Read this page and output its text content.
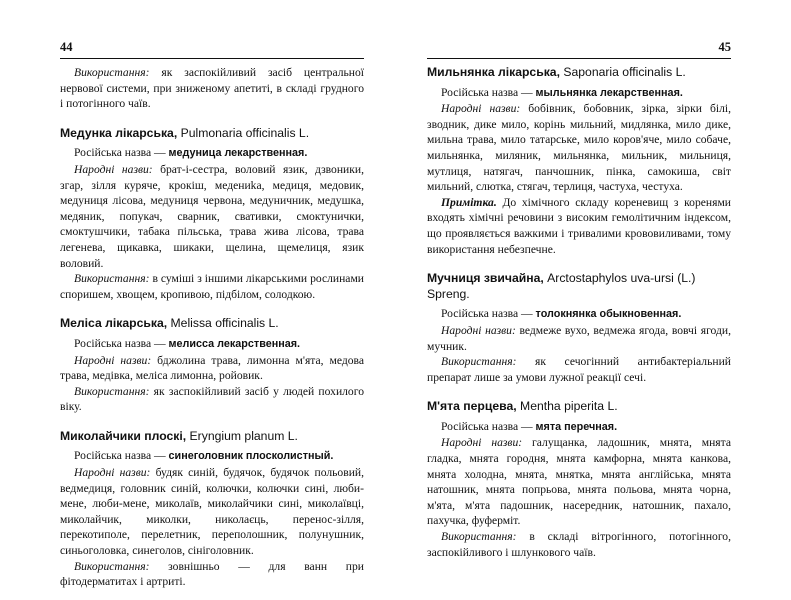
44

Використання: як заспокійливий засіб центральної нервової системи, при зниженому апетиті, в складі грудного і потогінного чаїв.

Медунка лікарська, Pulmonaria officinalis L.

Російська назва — медуница лекарственная.

Народні назви: брат-і-сестра, воловий язик, дзвоники, згар, зілля куряче, крокіш, медениka, медиця, медовик, медуниця лісова, медуниця червона, медуничник, медушка, медяник, попукач, сварник, свативки, смоктунички, смоктушчики, табака пільська, трава жива лісова, трава легенева, щикавка, шикаки, щелина, щемелиця, язик воловий.

Використання: в суміші з іншими лікарськими рослинами споришем, хвощем, кропивою, підбілом, солодкою.

Меліса лікарська, Melissa officinalis L.

Російська назва — мелисса лекарственная.

Народні назви: бджолина трава, лимонна м'ята, медова трава, медівка, меліса лимонна, ройовик.

Використання: як заспокійливий засіб у людей похилого віку.

Миколайчики плоскі, Eryngium planum L.

Російська назва — синеголовник плосколистный.

Народні назви: будяк синій, будячок, будячок польовий, ведмедиця, головник синій, колючки, колючки сині, люби-мене, люби-мене, миколаїв, миколайчики сині, миколаївці, миколайчик, миколки, николаєць, перенос-зілля, перекотиполе, перелетник, переполошник, полунушник, синьоголовка, синеголов, сініголовник.

Використання: зовнішньо — для ванн при фітодерматитах і артриті.

45

Мильнянка лікарська, Saponaria officinalis L.

Російська назва — мыльнянка лекарственная.

Народні назви: бобівник, бобовник, зірка, зірки білі, зводник, дике мило, корінь мильний, мидлянка, мило дике, мильна трава, мило татарське, мило коров'яче, мило собаче, мильнянка, миляник, мильнянка, мильник, мильниця, мутлиця, натягач, панчошник, пінка, самокиша, світ мильний, слютка, стягач, терлиця, частуха, честуха.

Примітка. До хімічного складу кореневищ з коренями входять хімічні речовини з високим гемолітичним індексом, що проявляється важкими і тривалими крововиливами, тому використання небезпечне.

Мучниця звичайна, Arctostaphylos uva-ursi (L.) Spreng.

Російська назва — толокнянка обыкновенная.

Народні назви: ведмеже вухо, ведмежа ягода, вовчі ягоди, мучник.

Використання: як сечогінний антибактеріальний препарат лише за умови лужної реакції сечі.

М'ята перцева, Mentha piperita L.

Російська назва — мята перечная.

Народні назви: галущанка, ладошник, мнята, мнята гладка, мнята городня, мнята камфорна, мнята канкова, мнята холодна, мнята, мнятка, мнята англійська, мнята натошник, мнята попрьова, мнята польова, мнята чорна, м'ята, м'ята падошник, насередник, натошник, пахало, пахучка, фуферміт.

Використання: в складі вітрогінного, потогінного, заспокійливого і шлункового чаїв.
